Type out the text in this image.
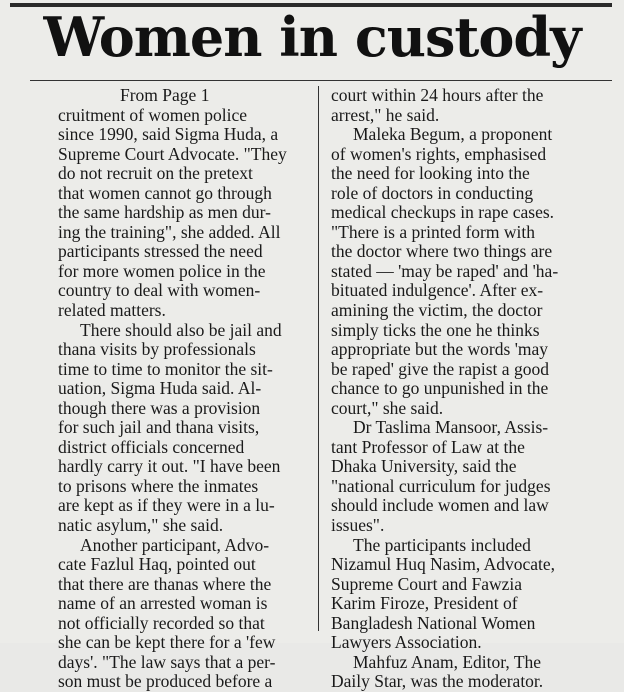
Women in custody

From Page 1

cruitment of women police

since 1990, said Sigma Huda, a

Supreme Court Advocate. "They

do not recruit on the pretext

that women cannot go through

the same hardship as men dur-

ing the training", she added. All

participants stressed the need

for more women police in the

country to deal with women-

related matters.

There should also be jail and

thana visits by professionals

time to time to monitor the sit-

uation, Sigma Huda said. Al-

though there was a provision

for such jail and thana visits,

district officials concerned

hardly carry it out. "I have been

to prisons where the inmates

are kept as if they were in a lu-

natic asylum," she said.

Another participant, Advo-

cate Fazlul Haq, pointed out

that there are thanas where the

name of an arrested woman is

not officially recorded so that

she can be kept there for a 'few

days'. "The law says that a per-

son must be produced before a

court within 24 hours after the

arrest," he said.

Maleka Begum, a proponent

of women's rights, emphasised

the need for looking into the

role of doctors in conducting

medical checkups in rape cases.

"There is a printed form with

the doctor where two things are

stated — 'may be raped' and 'ha-

bituated indulgence'. After ex-

amining the victim, the doctor

simply ticks the one he thinks

appropriate but the words 'may

be raped' give the rapist a good

chance to go unpunished in the

court," she said.

Dr Taslima Mansoor, Assis-

tant Professor of Law at the

Dhaka University, said the

"national curriculum for judges

should include women and law

issues".

The participants included

Nizamul Huq Nasim, Advocate,

Supreme Court and Fawzia

Karim Firoze, President of

Bangladesh National Women

Lawyers Association.

Mahfuz Anam, Editor, The

Daily Star, was the moderator.
